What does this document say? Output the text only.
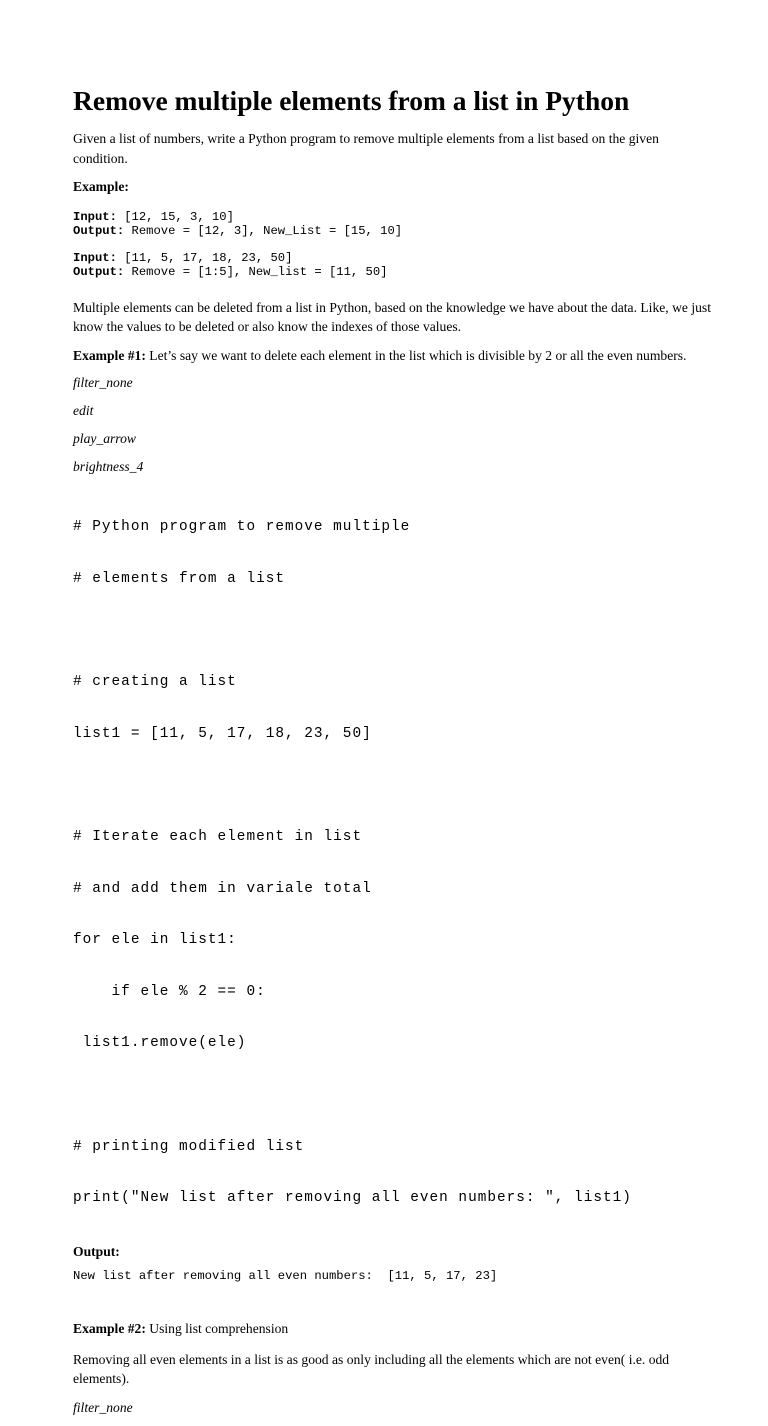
Remove multiple elements from a list in Python

Given a list of numbers, write a Python program to remove multiple elements from a list based on the given condition.

Example:

Input: [12, 15, 3, 10]
Output: Remove = [12, 3], New_List = [15, 10]
Input: [11, 5, 17, 18, 23, 50]
Output: Remove = [1:5], New_list = [11, 50]

Multiple elements can be deleted from a list in Python, based on the knowledge we have about the data. Like, we just know the values to be deleted or also know the indexes of those values.

Example #1: Let’s say we want to delete each element in the list which is divisible by 2 or all the even numbers.

filter_none

edit

play_arrow

brightness_4

# Python program to remove multiple

# elements from a list

# creating a list

list1 = [11, 5, 17, 18, 23, 50]

# Iterate each element in list

# and add them in variale total

for ele in list1:

if ele % 2 == 0:

list1.remove(ele)

# printing modified list

print("New list after removing all even numbers: ", list1)

Output:

New list after removing all even numbers:  [11, 5, 17, 23]

Example #2: Using list comprehension

Removing all even elements in a list is as good as only including all the elements which are not even( i.e. odd elements).

filter_none
